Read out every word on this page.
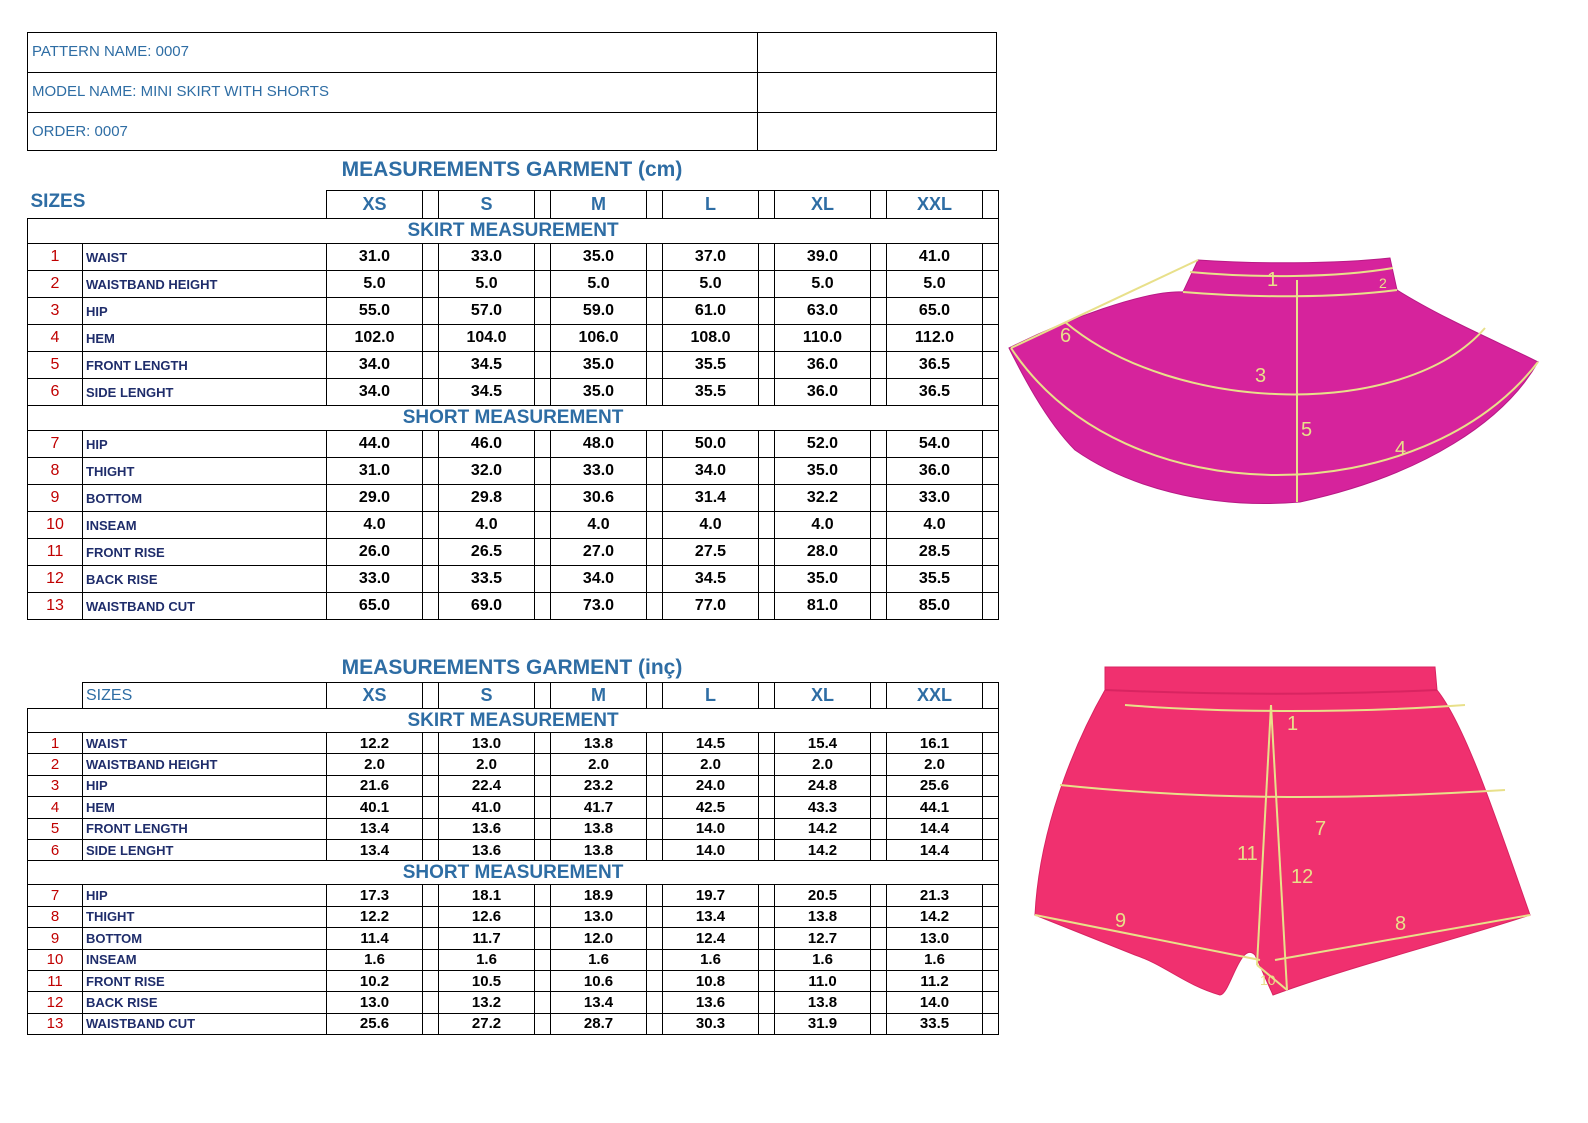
PATTERN NAME: 0007
MODEL NAME: MINI SKIRT WITH SHORTS
ORDER: 0007
MEASUREMENTS GARMENT (cm)
SIZES		XS		S		M		L		XL		XXL	
SKIRT MEASUREMENT													
1	WAIST	31.0		33.0		35.0		37.0		39.0		41.0	
2	WAISTBAND HEIGHT	5.0		5.0		5.0		5.0		5.0		5.0	
3	HIP	55.0		57.0		59.0		61.0		63.0		65.0	
4	HEM	102.0		104.0		106.0		108.0		110.0		112.0	
5	FRONT LENGTH	34.0		34.5		35.0		35.5		36.0		36.5	
6	SIDE LENGHT	34.0		34.5		35.0		35.5		36.0		36.5	
SHORT MEASUREMENT													
7	HIP	44.0		46.0		48.0		50.0		52.0		54.0	
8	THIGHT	31.0		32.0		33.0		34.0		35.0		36.0	
9	BOTTOM	29.0		29.8		30.6		31.4		32.2		33.0	
10	INSEAM	4.0		4.0		4.0		4.0		4.0		4.0	
11	FRONT RISE	26.0		26.5		27.0		27.5		28.0		28.5	
12	BACK RISE	33.0		33.5		34.0		34.5		35.0		35.5	
13	WAISTBAND CUT	65.0		69.0		73.0		77.0		81.0		85.0	
MEASUREMENTS GARMENT (inç)
	SIZES	XS		S		M		L		XL		XXL	
SKIRT MEASUREMENT													
1	WAIST	12.2		13.0		13.8		14.5		15.4		16.1	
2	WAISTBAND HEIGHT	2.0		2.0		2.0		2.0		2.0		2.0	
3	HIP	21.6		22.4		23.2		24.0		24.8		25.6	
4	HEM	40.1		41.0		41.7		42.5		43.3		44.1	
5	FRONT LENGTH	13.4		13.6		13.8		14.0		14.2		14.4	
6	SIDE LENGHT	13.4		13.6		13.8		14.0		14.2		14.4	
SHORT MEASUREMENT													
7	HIP	17.3		18.1		18.9		19.7		20.5		21.3	
8	THIGHT	12.2		12.6		13.0		13.4		13.8		14.2	
9	BOTTOM	11.4		11.7		12.0		12.4		12.7		13.0	
10	INSEAM	1.6		1.6		1.6		1.6		1.6		1.6	
11	FRONT RISE	10.2		10.5		10.6		10.8		11.0		11.2	
12	BACK RISE	13.0		13.2		13.4		13.6		13.8		14.0	
13	WAISTBAND CUT	25.6		27.2		28.7		30.3		31.9		33.5	
1	2
3
4
5
6
1
7
8
9
10
11
12
